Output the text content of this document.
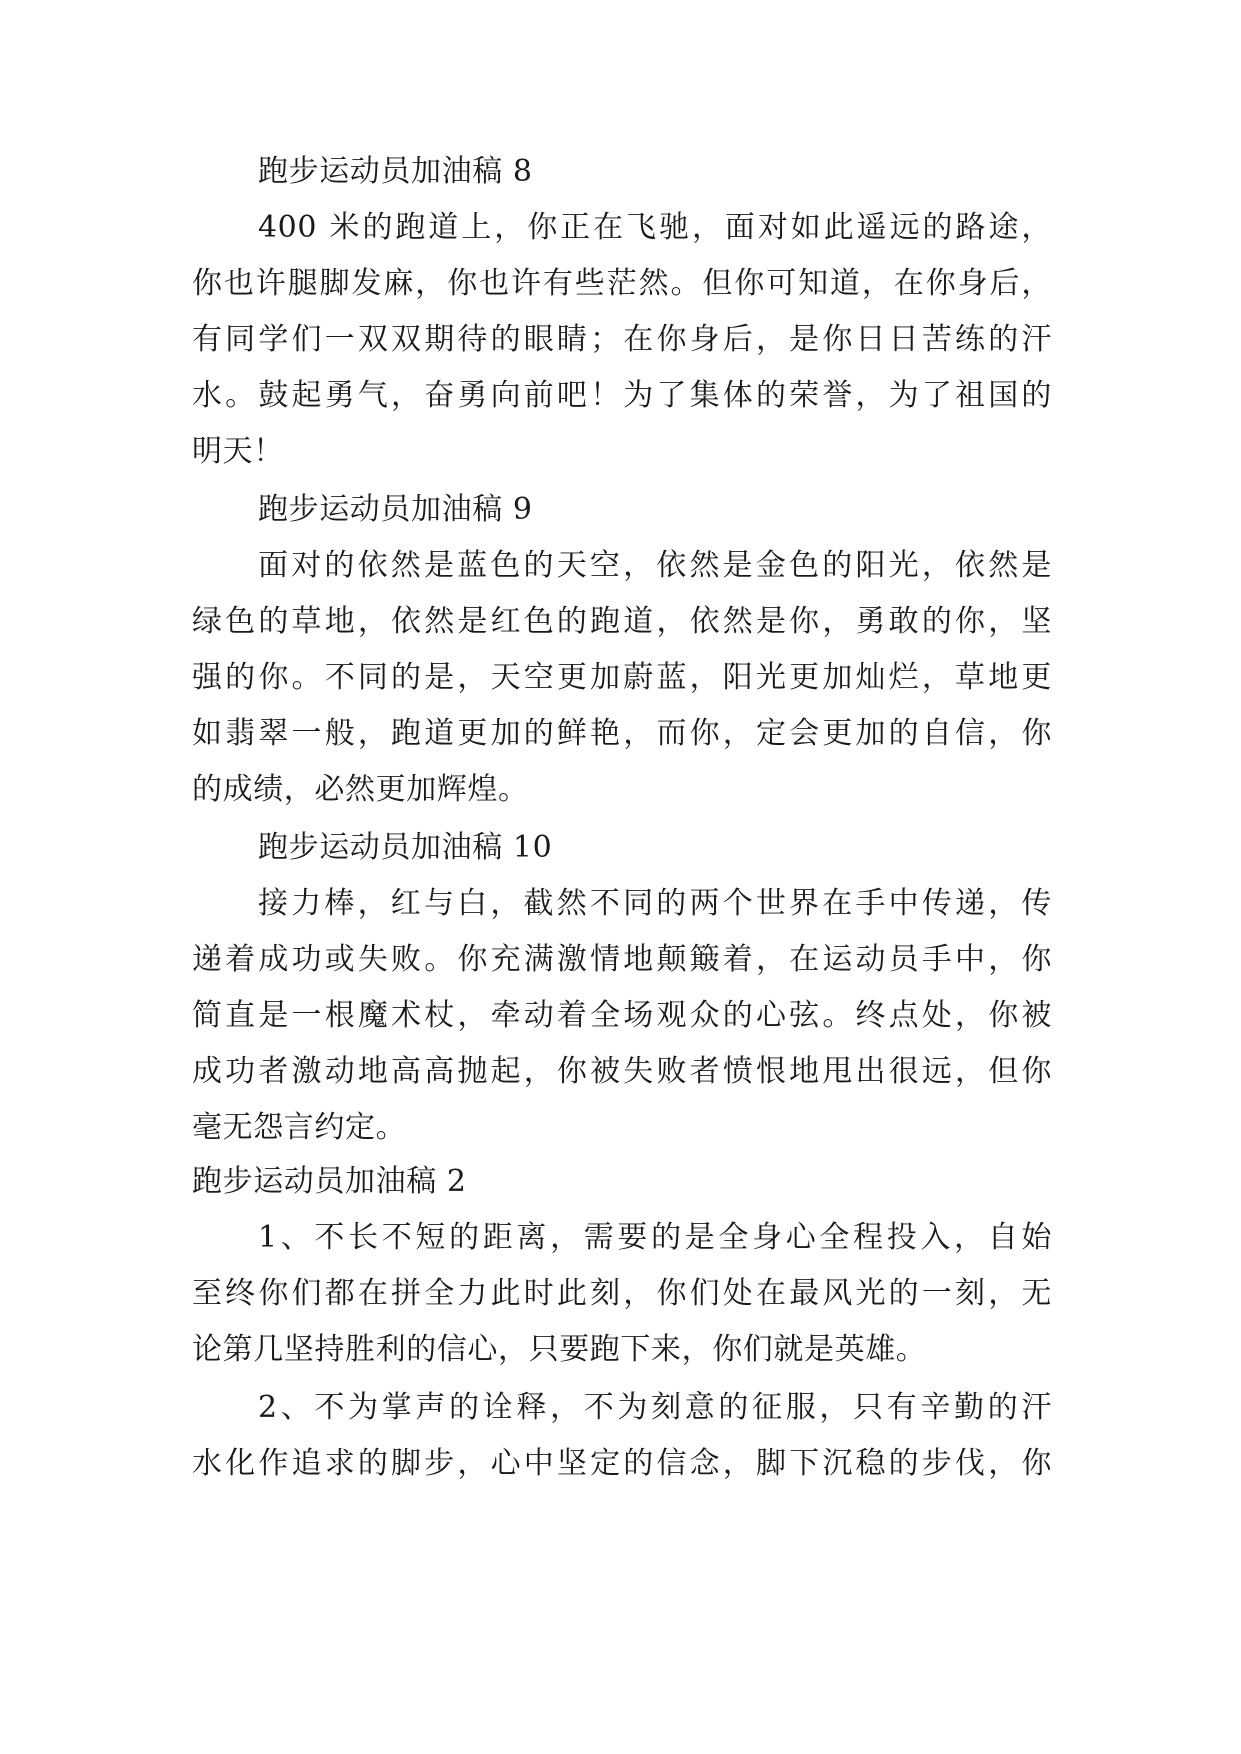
跑步运动员加油稿 8
400 米的跑道上，你正在飞驰，面对如此遥远的路途，
你也许腿脚发麻，你也许有些茫然。但你可知道，在你身后，
有同学们一双双期待的眼睛；在你身后，是你日日苦练的汗
水。鼓起勇气，奋勇向前吧！为了集体的荣誉，为了祖国的
明天！
跑步运动员加油稿 9
面对的依然是蓝色的天空，依然是金色的阳光，依然是
绿色的草地，依然是红色的跑道，依然是你，勇敢的你，坚
强的你。不同的是，天空更加蔚蓝，阳光更加灿烂，草地更
如翡翠一般，跑道更加的鲜艳，而你，定会更加的自信，你
的成绩，必然更加辉煌。
跑步运动员加油稿 10
接力棒，红与白，截然不同的两个世界在手中传递，传
递着成功或失败。你充满激情地颠簸着，在运动员手中，你
简直是一根魔术杖，牵动着全场观众的心弦。终点处，你被
成功者激动地高高抛起，你被失败者愤恨地甩出很远，但你
毫无怨言约定。
跑步运动员加油稿 2
1、不长不短的距离，需要的是全身心全程投入，自始
至终你们都在拼全力此时此刻，你们处在最风光的一刻，无
论第几坚持胜利的信心，只要跑下来，你们就是英雄。
2、不为掌声的诠释，不为刻意的征服，只有辛勤的汗
水化作追求的脚步，心中坚定的信念，脚下沉稳的步伐，你
